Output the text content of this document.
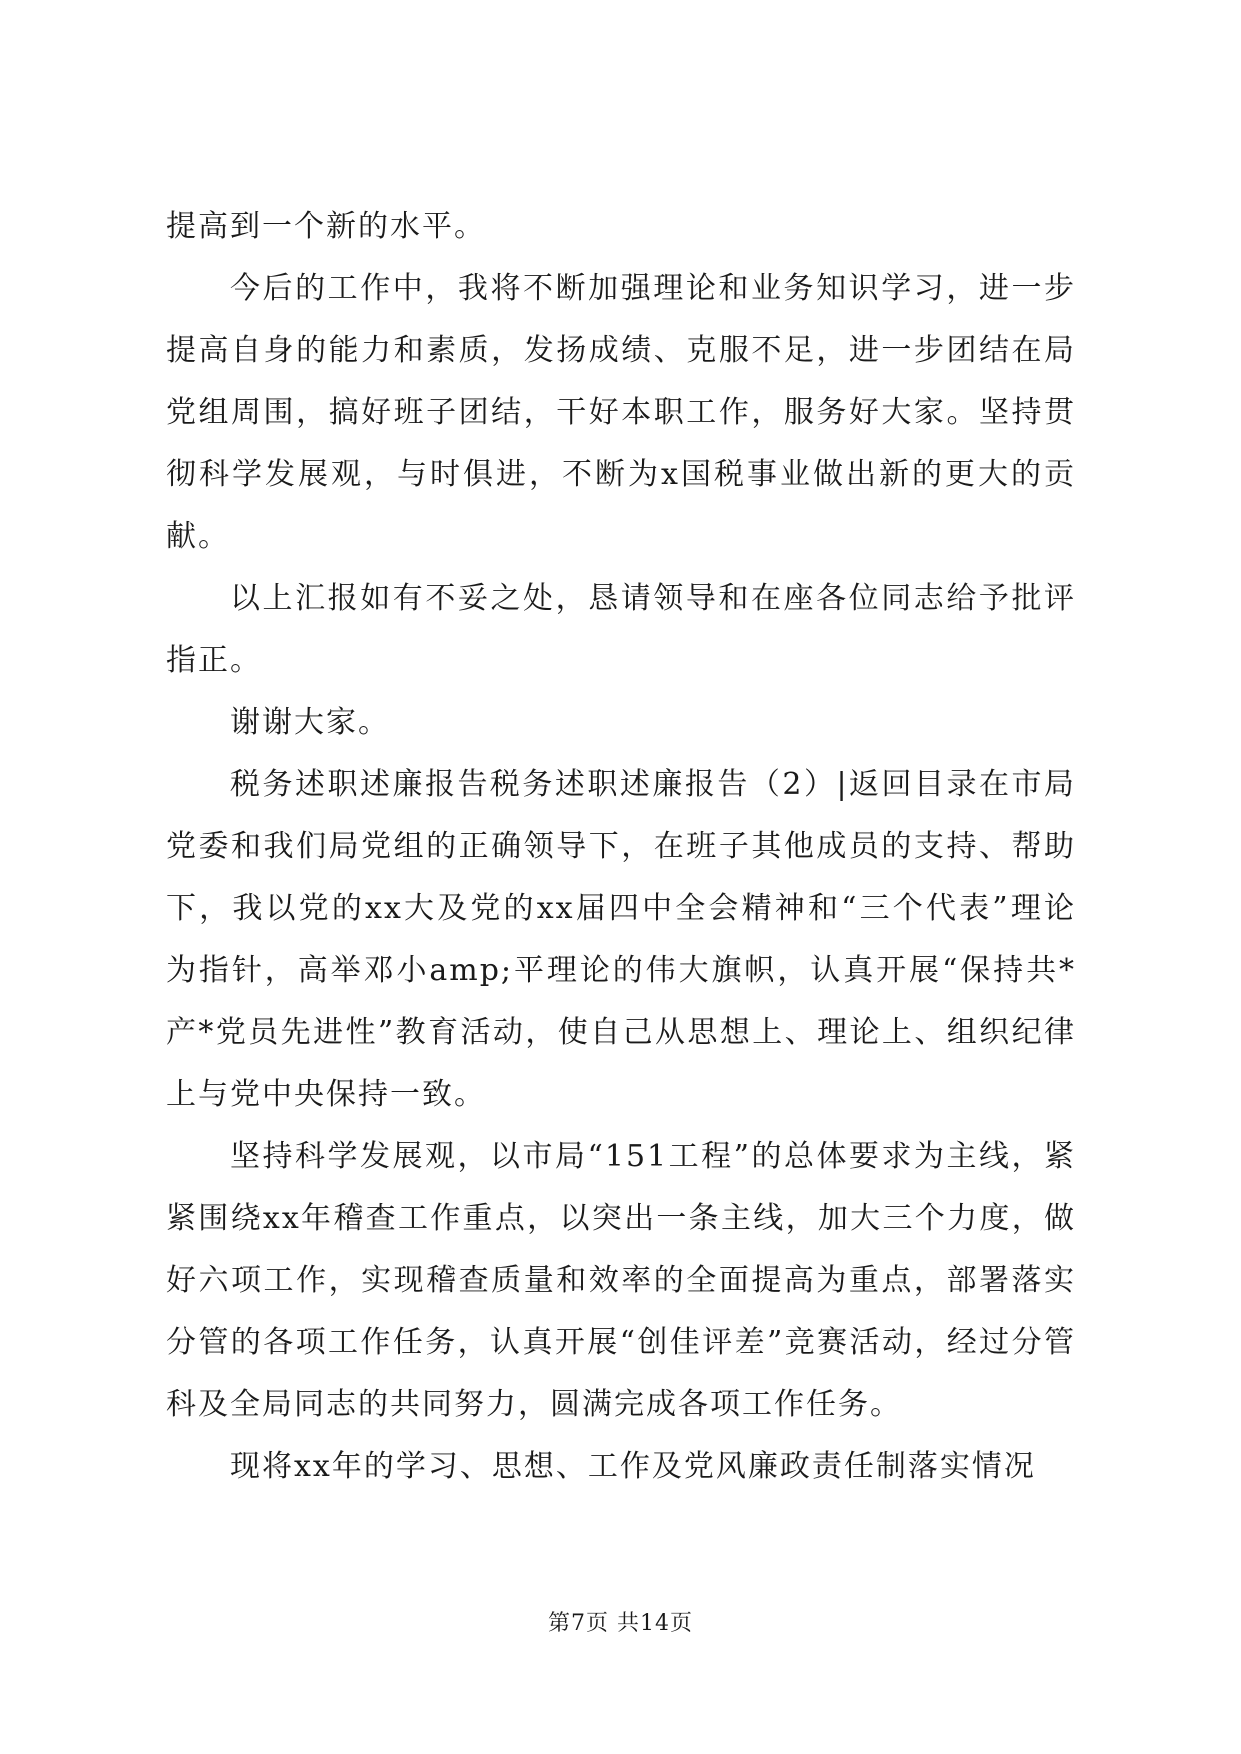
提高到一个新的水平。

今后的工作中，我将不断加强理论和业务知识学习，进一步提高自身的能力和素质，发扬成绩、克服不足，进一步团结在局党组周围，搞好班子团结，干好本职工作，服务好大家。坚持贯彻科学发展观，与时俱进，不断为x国税事业做出新的更大的贡献。

以上汇报如有不妥之处，恳请领导和在座各位同志给予批评指正。

谢谢大家。

税务述职述廉报告税务述职述廉报告（2）|返回目录在市局党委和我们局党组的正确领导下，在班子其他成员的支持、帮助下，我以党的xx大及党的xx届四中全会精神和“三个代表”理论为指针，高举邓小amp;平理论的伟大旗帜，认真开展“保持共*产*党员先进性”教育活动，使自己从思想上、理论上、组织纪律上与党中央保持一致。

坚持科学发展观，以市局“151工程”的总体要求为主线，紧紧围绕xx年稽查工作重点，以突出一条主线，加大三个力度，做好六项工作，实现稽查质量和效率的全面提高为重点，部署落实分管的各项工作任务，认真开展“创佳评差”竞赛活动，经过分管科及全局同志的共同努力，圆满完成各项工作任务。

现将xx年的学习、思想、工作及党风廉政责任制落实情况

第7页 共14页
